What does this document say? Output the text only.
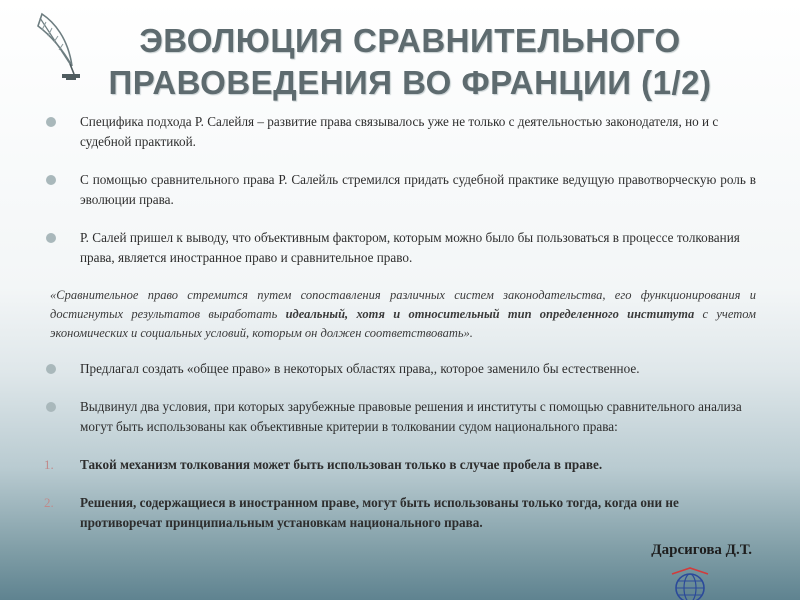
ЭВОЛЮЦИЯ СРАВНИТЕЛЬНОГО
ПРАВОВЕДЕНИЯ ВО ФРАНЦИИ (1/2)
Специфика подхода Р. Салейля – развитие права связывалось уже не только с деятельностью законодателя, но и с судебной практикой.
С помощью сравнительного права Р. Салейль стремился придать судебной практике ведущую правотворческую роль в эволюции права.
Р. Салей пришел к выводу, что объективным фактором, которым можно было бы пользоваться в процессе толкования права, является иностранное право и сравнительное право.
«Сравнительное право стремится путем сопоставления различных систем законодательства, его функционирования и достигнутых результатов выработать идеальный, хотя и относительный тип определенного института с учетом экономических и социальных условий, которым он должен соответствовать».
Предлагал создать «общее право» в некоторых областях права,, которое заменило бы естественное.
Выдвинул два условия, при которых зарубежные правовые решения и институты с помощью сравнительного анализа могут быть использованы как объективные критерии в толковании судом национального права:
1. Такой механизм толкования может быть использован только в случае пробела в праве.
2. Решения, содержащиеся в иностранном праве, могут быть использованы только тогда, когда они не противоречат принципиальным установкам национального права.
Дарсигова Д.Т.
